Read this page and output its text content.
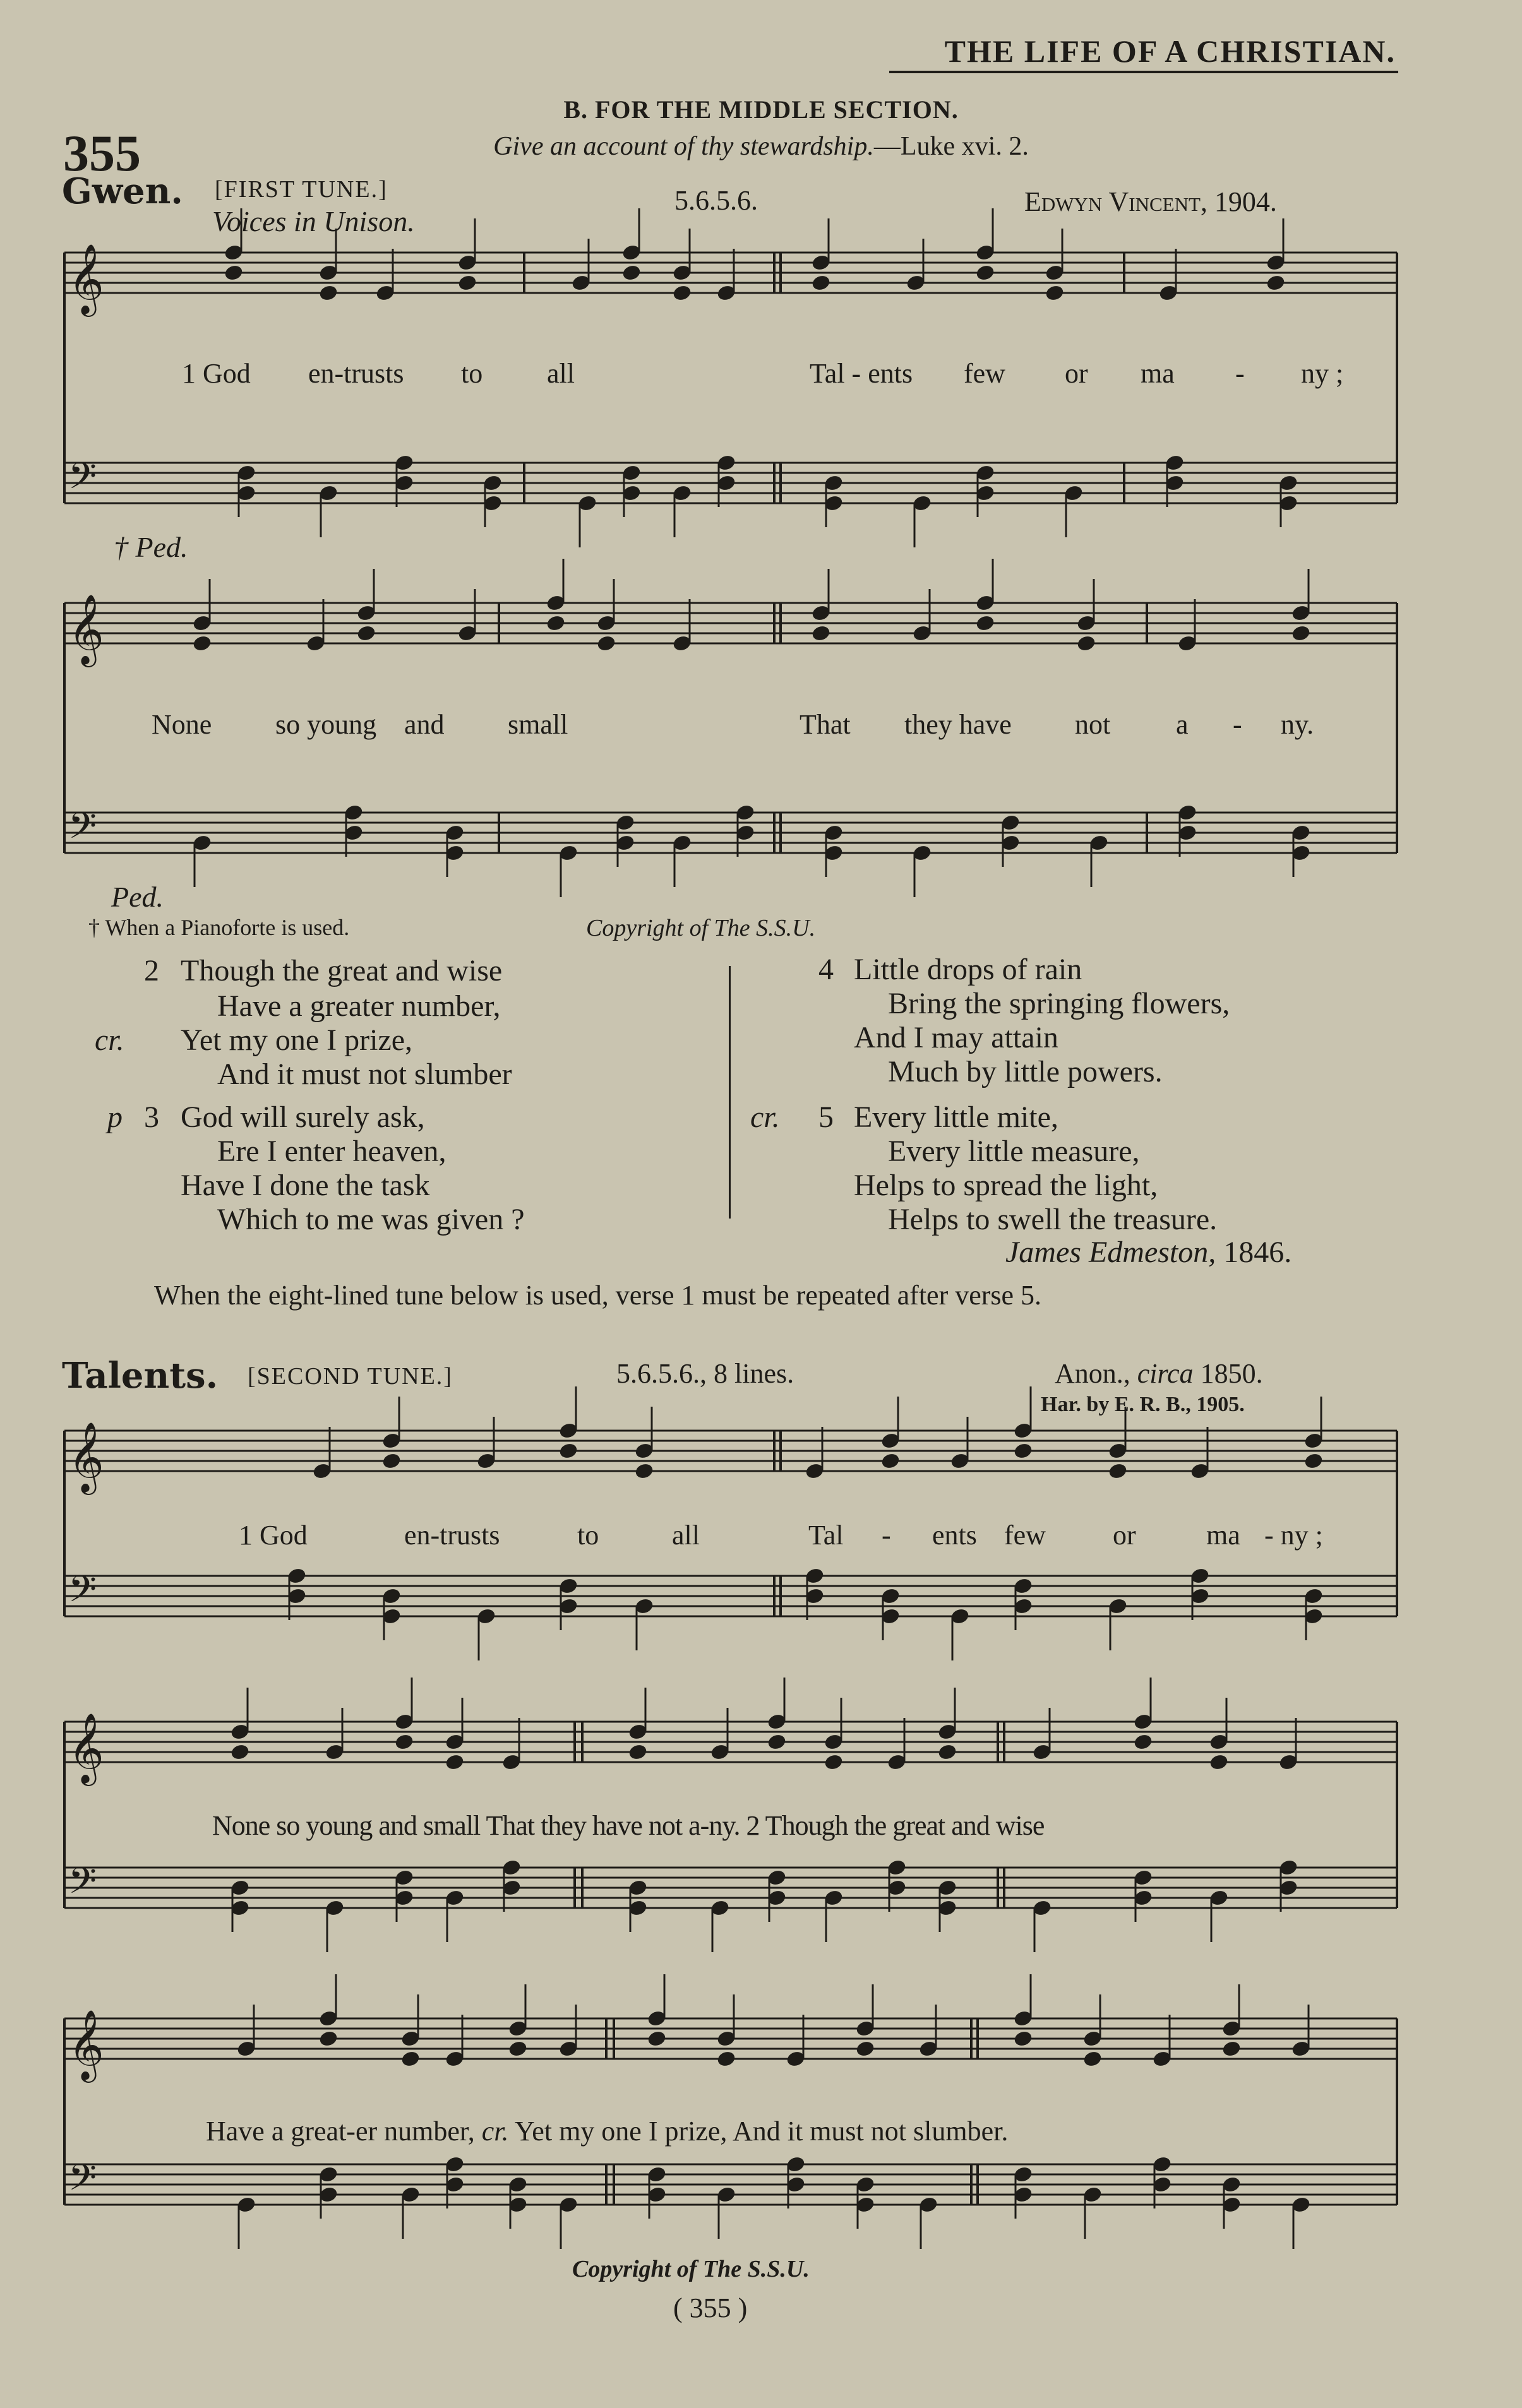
THE LIFE OF A CHRISTIAN.
B. FOR THE MIDDLE SECTION.
Give an account of thy stewardship.—Luke xvi. 2.
355
Gwen. [FIRST TUNE.]
Voices in Unison.
5.6.5.6.	Edwyn Vincent, 1904.
1 God en-trusts to all	Tal - ents few or ma - ny ;
None so young and small	That they have not a - ny.
† Ped.
Ped.
† When a Pianoforte is used.	Copyright of The S.S.U.
2 Though the great and wise
Have a greater number,
cr. Yet my one I prize,
And it must not slumber
p 3 God will surely ask,
Ere I enter heaven,
Have I done the task
Which to me was given ?
4 Little drops of rain
Bring the springing flowers,
And I may attain
Much by little powers.
cr. 5 Every little mite,
Every little measure,
Helps to spread the light,
Helps to swell the treasure.
James Edmeston, 1846.
When the eight-lined tune below is used, verse 1 must be repeated after verse 5.
Talents. [SECOND TUNE.]	5.6.5.6., 8 lines.	Anon., circa 1850.
Har. by E. R. B., 1905.
1 God	en-trusts	to	all	Tal - ents few or	ma - ny ;
None so young and small That they have not a-ny. 2 Though the great and wise
Have a great-er number, cr. Yet my one I prize, And it must not slumber.
Copyright of The S.S.U.
( 355 )
𝄞
𝄢
𝄞
𝄢
𝄞
𝄢
𝄞
𝄢
𝄞
𝄢
